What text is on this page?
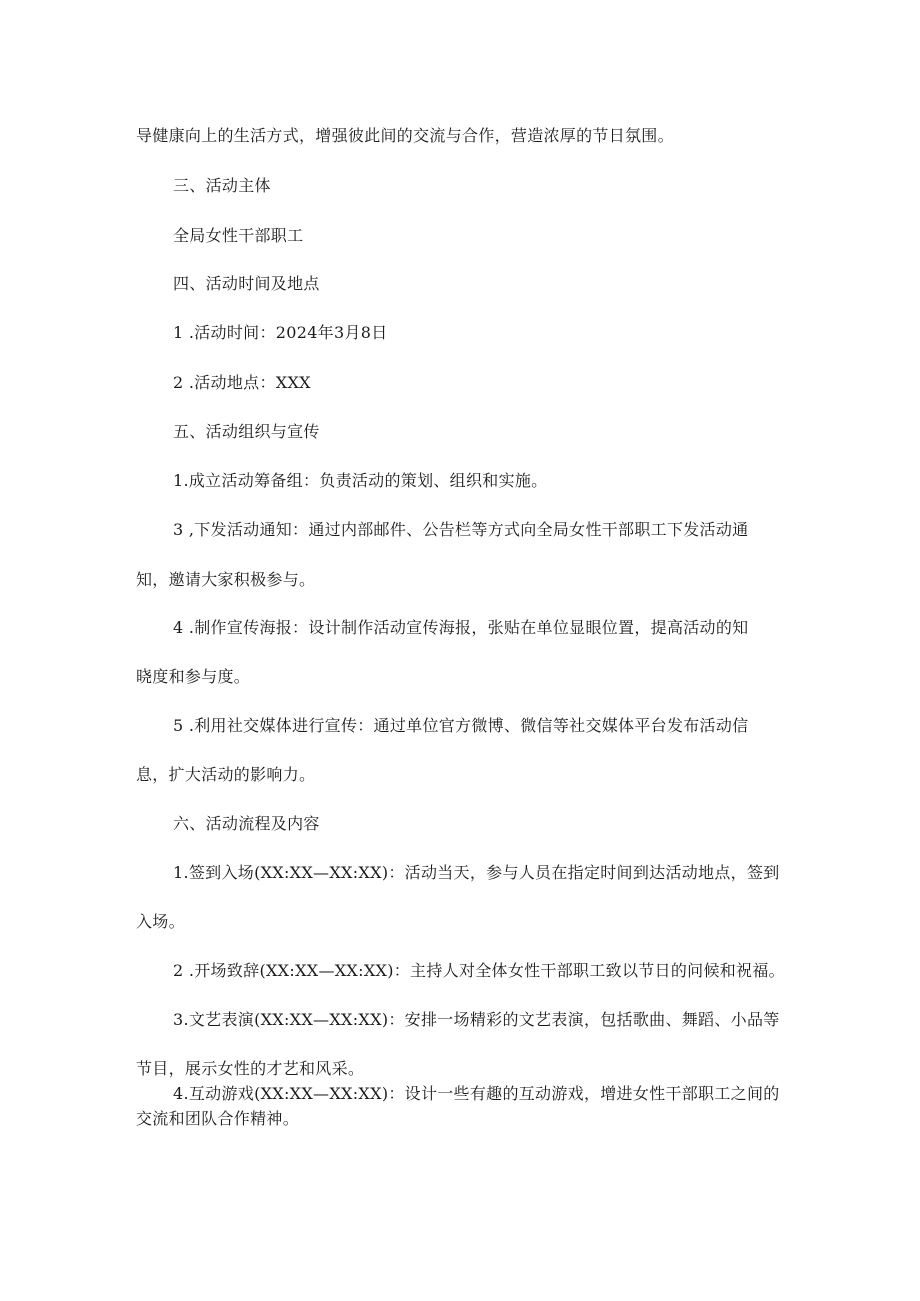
导健康向上的生活方式，增强彼此间的交流与合作，营造浓厚的节日氛围。
三、活动主体
全局女性干部职工
四、活动时间及地点
1 .活动时间：2024年3月8日
2 .活动地点：XXX
五、活动组织与宣传
1.成立活动筹备组：负责活动的策划、组织和实施。
3 ,下发活动通知：通过内部邮件、公告栏等方式向全局女性干部职工下发活动通
知，邀请大家积极参与。
4 .制作宣传海报：设计制作活动宣传海报，张贴在单位显眼位置，提高活动的知
晓度和参与度。
5 .利用社交媒体进行宣传：通过单位官方微博、微信等社交媒体平台发布活动信
息，扩大活动的影响力。
六、活动流程及内容
1.签到入场(XX:XX—XX:XX)：活动当天，参与人员在指定时间到达活动地点，签到
入场。
2 .开场致辞(XX:XX—XX:XX)：主持人对全体女性干部职工致以节日的问候和祝福。
3.文艺表演(XX:XX—XX:XX)：安排一场精彩的文艺表演，包括歌曲、舞蹈、小品等
节目，展示女性的才艺和风采。
4.互动游戏(XX:XX—XX:XX)：设计一些有趣的互动游戏，增进女性干部职工之间的
交流和团队合作精神。
